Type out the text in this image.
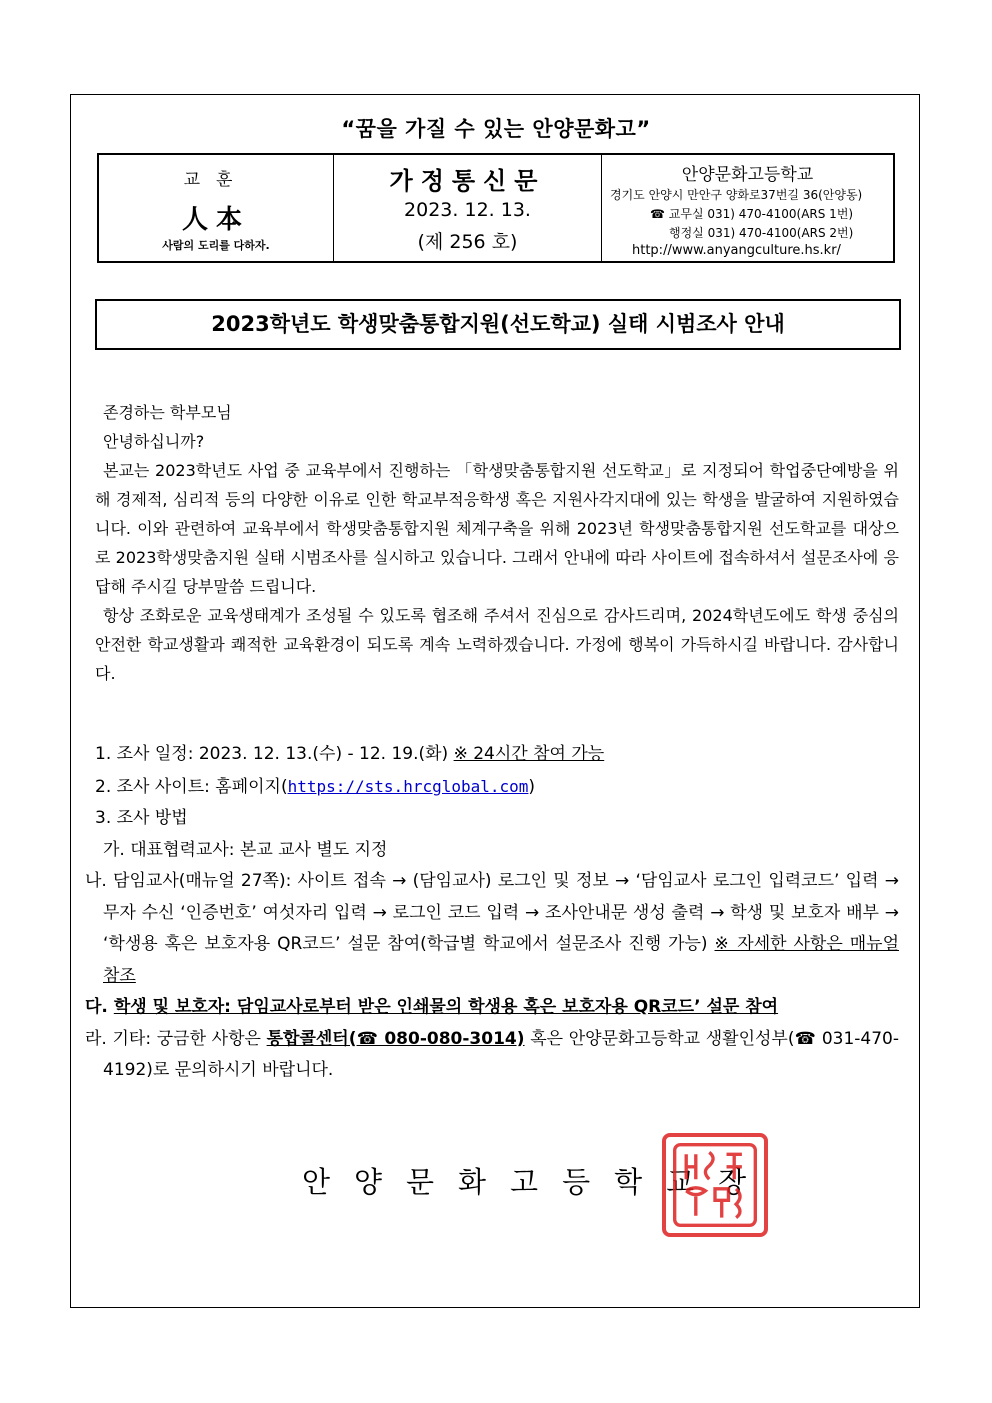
“꿈을 가질 수 있는 안양문화고”
교훈
人本
사람의 도리를 다하자.
가정통신문
2023. 12. 13.
(제 256 호)
안양문화고등학교
경기도 안양시 만안구 양화로37번길 36(안양동)
☎ 교무실 031) 470-4100(ARS 1번)
행정실 031) 470-4100(ARS 2번)
http://www.anyangculture.hs.kr/
2023학년도 학생맞춤통합지원(선도학교) 실태 시범조사 안내

존경하는 학부모님

안녕하십니까?

본교는 2023학년도 사업 중 교육부에서 진행하는 「학생맞춤통합지원 선도학교」로 지정되어 학업중단예방을 위해 경제적, 심리적 등의 다양한 이유로 인한 학교부적응학생 혹은 지원사각지대에 있는 학생을 발굴하여 지원하였습니다. 이와 관련하여 교육부에서 학생맞춤통합지원 체계구축을 위해 2023년 학생맞춤통합지원 선도학교를 대상으로 2023학생맞춤지원 실태 시범조사를 실시하고 있습니다. 그래서 안내에 따라 사이트에 접속하셔서 설문조사에 응답해 주시길 당부말씀 드립니다.

항상 조화로운 교육생태계가 조성될 수 있도록 협조해 주셔서 진심으로 감사드리며, 2024학년도에도 학생 중심의 안전한 학교생활과 쾌적한 교육환경이 되도록 계속 노력하겠습니다. 가정에 행복이 가득하시길 바랍니다. 감사합니다.

1. 조사 일정: 2023. 12. 13.(수) - 12. 19.(화) ※ 24시간 참여 가능
2. 조사 사이트: 홈페이지(https://sts.hrcglobal.com)
3. 조사 방법
가. 대표협력교사: 본교 교사 별도 지정
나. 담임교사(매뉴얼 27쪽): 사이트 접속 → (담임교사) 로그인 및 정보 → ‘담임교사 로그인 입력코드’ 입력 → 무자 수신 ‘인증번호’ 여섯자리 입력 → 로그인 코드 입력 → 조사안내문 생성 출력 → 학생 및 보호자 배부 → ‘학생용 혹은 보호자용 QR코드’ 설문 참여(학급별 학교에서 설문조사 진행 가능) ※ 자세한 사항은 매뉴얼 참조
다. 학생 및 보호자: 담임교사로부터 받은 인쇄물의 학생용 혹은 보호자용 QR코드’ 설문 참여
라. 기타: 궁금한 사항은 통합콜센터(☎ 080-080-3014) 혹은 안양문화고등학교 생활인성부(☎ 031-470-4192)로 문의하시기 바랍니다.
안양문화고등학교장
